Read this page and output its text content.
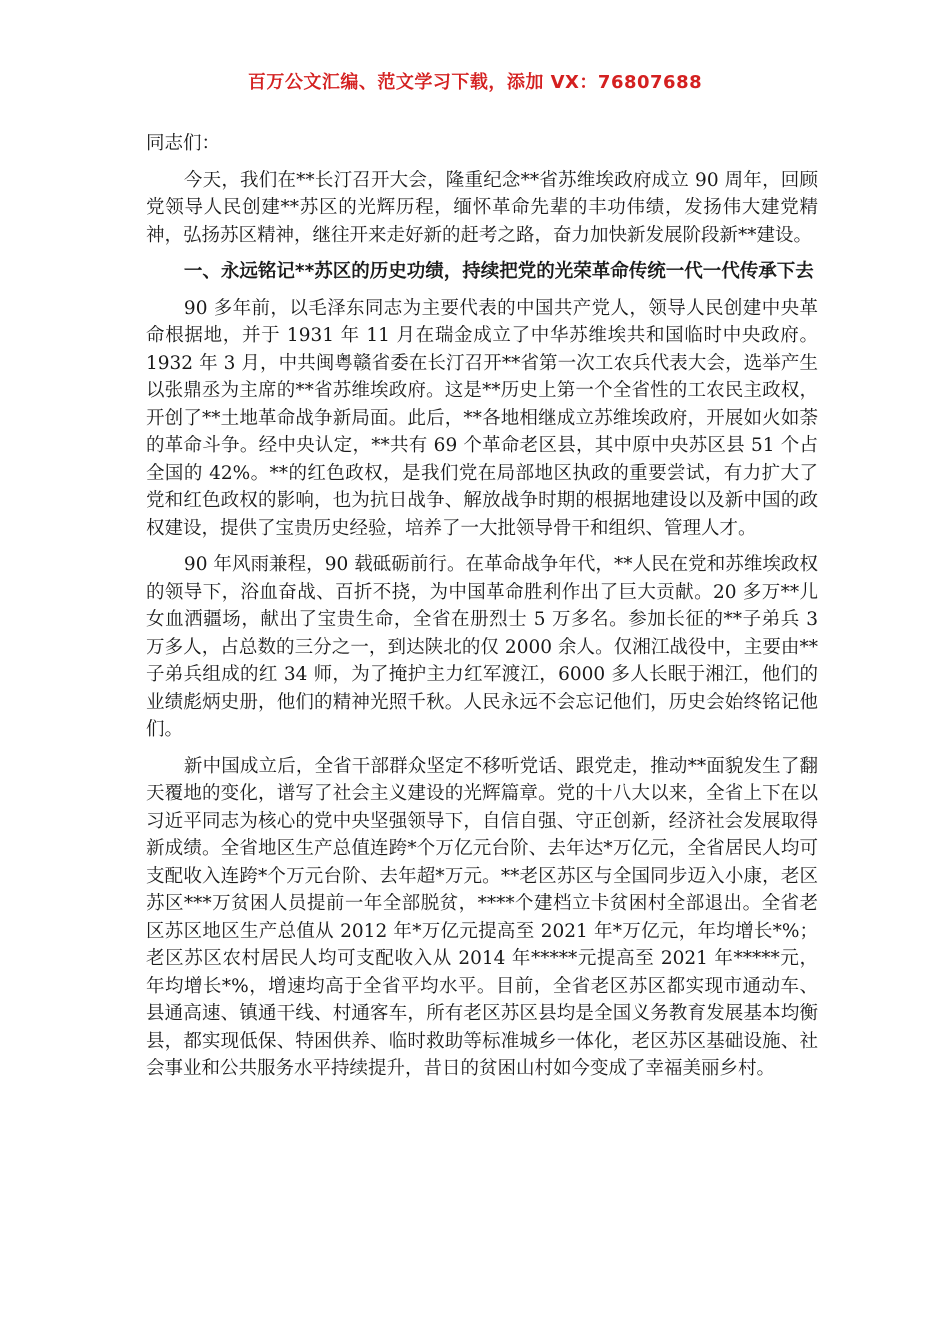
百万公文汇编、范文学习下载，添加 VX：76807688

同志们：

今天，我们在**长汀召开大会，隆重纪念**省苏维埃政府成立 90 周年，回顾党领导人民创建**苏区的光辉历程，缅怀革命先辈的丰功伟绩，发扬伟大建党精神，弘扬苏区精神，继往开来走好新的赶考之路，奋力加快新发展阶段新**建设。

一、永远铭记**苏区的历史功绩，持续把党的光荣革命传统一代一代传承下去

90 多年前，以毛泽东同志为主要代表的中国共产党人，领导人民创建中央革命根据地，并于 1931 年 11 月在瑞金成立了中华苏维埃共和国临时中央政府。1932 年 3 月，中共闽粤赣省委在长汀召开**省第一次工农兵代表大会，选举产生以张鼎丞为主席的**省苏维埃政府。这是**历史上第一个全省性的工农民主政权，开创了**土地革命战争新局面。此后，**各地相继成立苏维埃政府，开展如火如荼的革命斗争。经中央认定，**共有 69 个革命老区县，其中原中央苏区县 51 个占全国的 42%。**的红色政权，是我们党在局部地区执政的重要尝试，有力扩大了党和红色政权的影响，也为抗日战争、解放战争时期的根据地建设以及新中国的政权建设，提供了宝贵历史经验，培养了一大批领导骨干和组织、管理人才。

90 年风雨兼程，90 载砥砺前行。在革命战争年代，**人民在党和苏维埃政权的领导下，浴血奋战、百折不挠，为中国革命胜利作出了巨大贡献。20 多万**儿女血洒疆场，献出了宝贵生命，全省在册烈士 5 万多名。参加长征的**子弟兵 3 万多人，占总数的三分之一，到达陕北的仅 2000 余人。仅湘江战役中，主要由**子弟兵组成的红 34 师，为了掩护主力红军渡江，6000 多人长眠于湘江，他们的业绩彪炳史册，他们的精神光照千秋。人民永远不会忘记他们，历史会始终铭记他们。

新中国成立后，全省干部群众坚定不移听党话、跟党走，推动**面貌发生了翻天覆地的变化，谱写了社会主义建设的光辉篇章。党的十八大以来，全省上下在以习近平同志为核心的党中央坚强领导下，自信自强、守正创新，经济社会发展取得新成绩。全省地区生产总值连跨*个万亿元台阶、去年达*万亿元，全省居民人均可支配收入连跨*个万元台阶、去年超*万元。**老区苏区与全国同步迈入小康，老区苏区***万贫困人员提前一年全部脱贫，****个建档立卡贫困村全部退出。全省老区苏区地区生产总值从 2012 年*万亿元提高至 2021 年*万亿元，年均增长*%；老区苏区农村居民人均可支配收入从 2014 年*****元提高至 2021 年*****元，年均增长*%，增速均高于全省平均水平。目前，全省老区苏区都实现市通动车、县通高速、镇通干线、村通客车，所有老区苏区县均是全国义务教育发展基本均衡县，都实现低保、特困供养、临时救助等标准城乡一体化，老区苏区基础设施、社会事业和公共服务水平持续提升，昔日的贫困山村如今变成了幸福美丽乡村。
